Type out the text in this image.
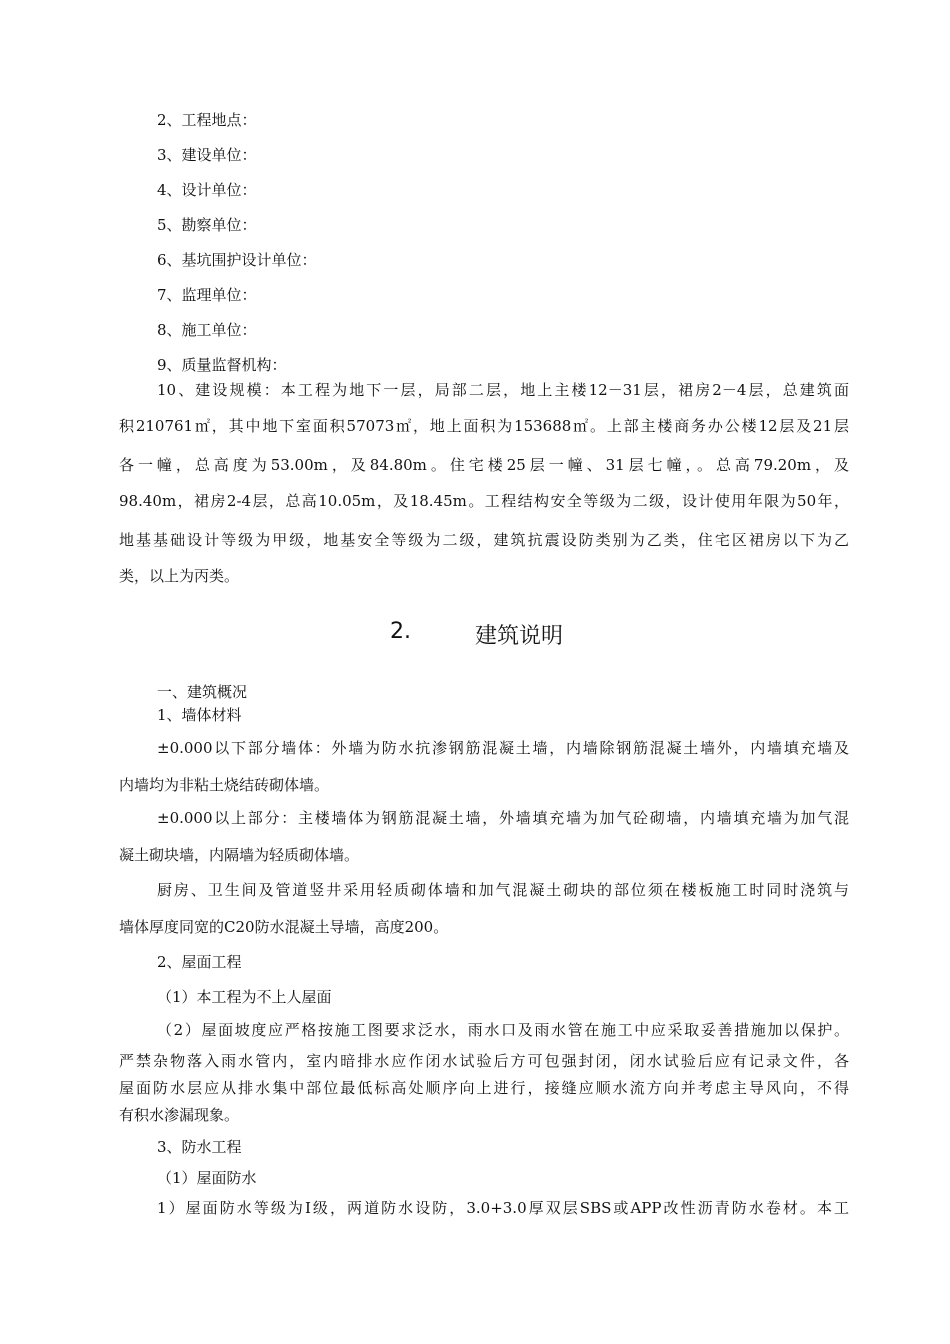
2、工程地点：
3、建设单位：
4、设计单位：
5、勘察单位：
6、基坑围护设计单位：
7、监理单位：
8、施工单位：
9、质量监督机构：
10、建设规模：本工程为地下一层，局部二层，地上主楼12－31层，裙房2－4层，总建筑面
积210761㎡，其中地下室面积57073㎡，地上面积为153688㎡。上部主楼商务办公楼12层及21层
各一幢，总高度为53.00m，及84.80m。住宅楼25层一幢、31层七幢，。总高79.20m，及
98.40m，裙房2-4层，总高10.05m，及18.45m。工程结构安全等级为二级，设计使用年限为50年，
地基基础设计等级为甲级，地基安全等级为二级，建筑抗震设防类别为乙类，住宅区裙房以下为乙
类，以上为丙类。
2.	建筑说明
一、建筑概况
1、墙体材料
±0.000以下部分墙体：外墙为防水抗渗钢筋混凝土墙，内墙除钢筋混凝土墙外，内墙填充墙及
内墙均为非粘土烧结砖砌体墙。
±0.000以上部分：主楼墙体为钢筋混凝土墙，外墙填充墙为加气砼砌墙，内墙填充墙为加气混
凝土砌块墙，内隔墙为轻质砌体墙。
厨房、卫生间及管道竖井采用轻质砌体墙和加气混凝土砌块的部位须在楼板施工时同时浇筑与
墙体厚度同宽的C20防水混凝土导墙，高度200。
2、屋面工程
（1）本工程为不上人屋面
（2）屋面坡度应严格按施工图要求泛水，雨水口及雨水管在施工中应采取妥善措施加以保护。
严禁杂物落入雨水管内，室内暗排水应作闭水试验后方可包强封闭，闭水试验后应有记录文件，各
屋面防水层应从排水集中部位最低标高处顺序向上进行，接缝应顺水流方向并考虑主导风向，不得
有积水渗漏现象。
3、防水工程
（1）屋面防水
1）屋面防水等级为I级，两道防水设防，3.0+3.0厚双层SBS或APP改性沥青防水卷材。本工
